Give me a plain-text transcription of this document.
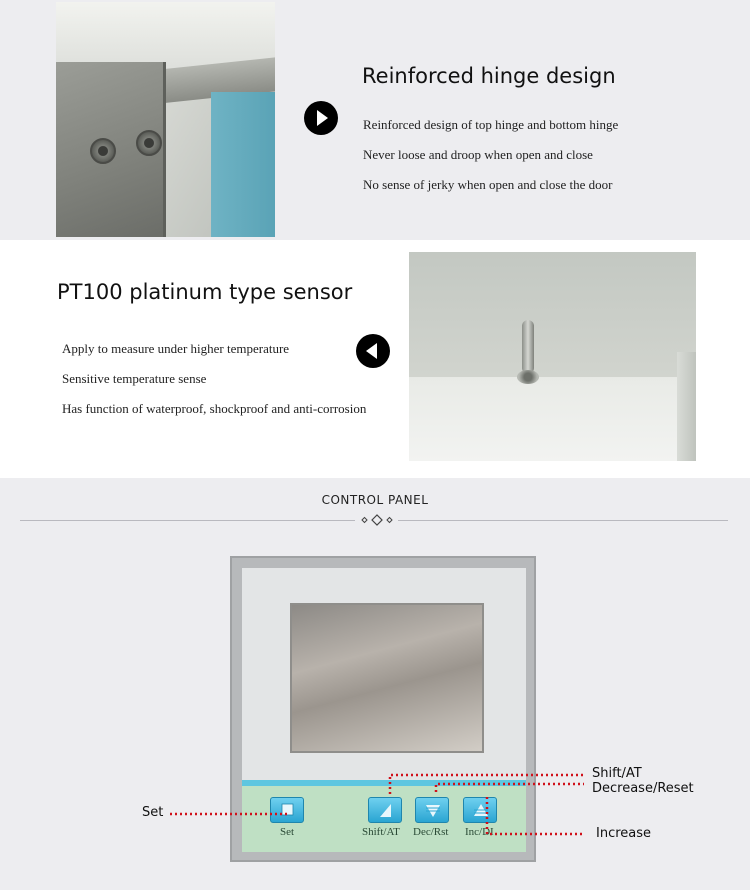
Reinforced hinge design
Reinforced design of top hinge and bottom hinge
Never loose and droop when open and close
No sense of jerky when open and close the door
PT100 platinum type sensor
Apply to measure under higher temperature
Sensitive temperature sense
Has function of waterproof, shockproof and anti-corrosion
CONTROL PANEL
Set	Shift/AT Dec/Rst Inc/DI
Set
Shift/AT
Decrease/Reset
Increase
